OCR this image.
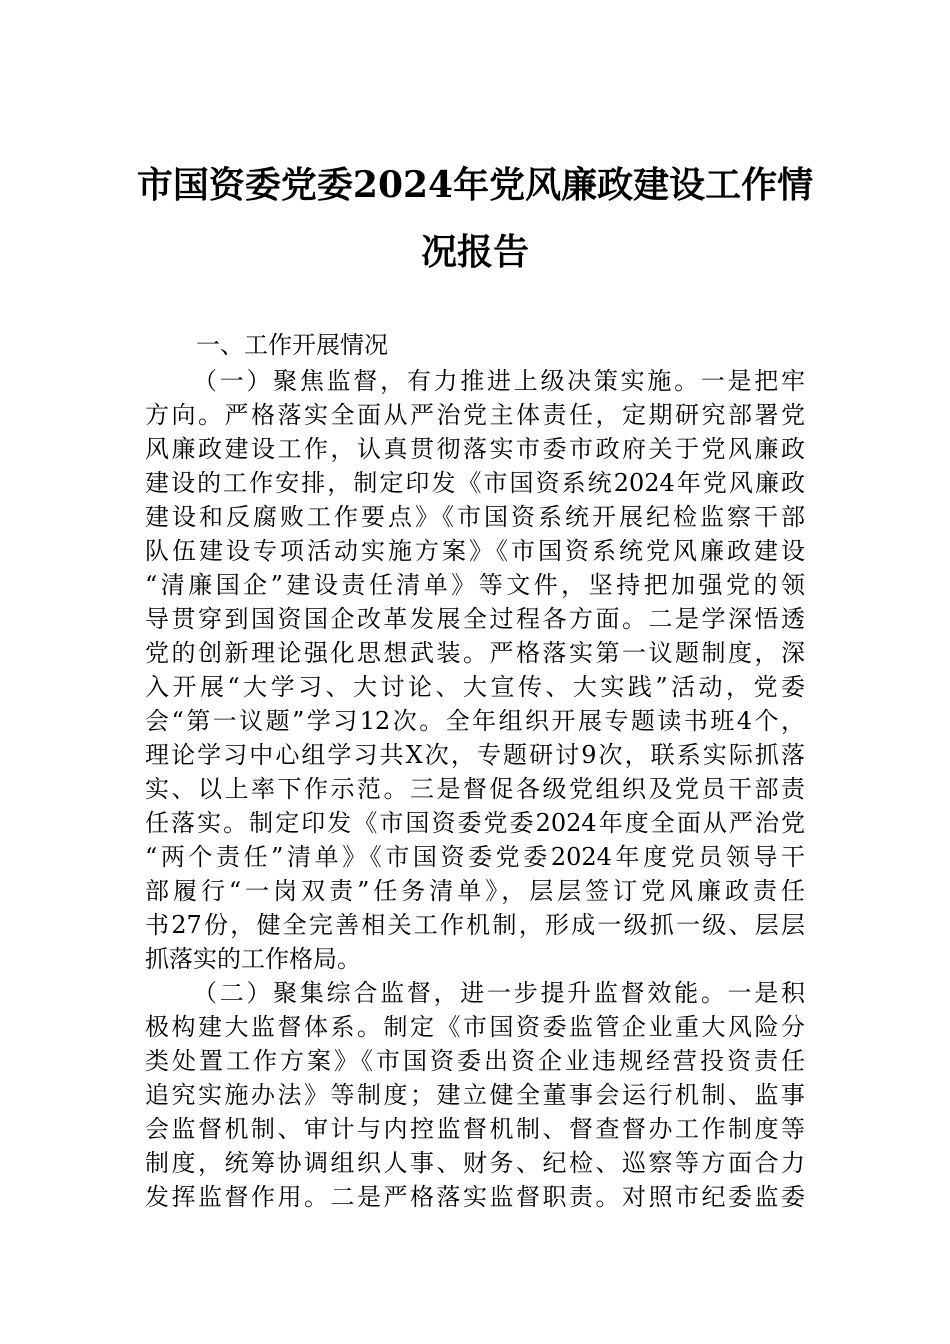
市国资委党委2024年党风廉政建设工作情
况报告
一、工作开展情况
（一）聚焦监督，有力推进上级决策实施。一是把牢
方向。严格落实全面从严治党主体责任，定期研究部署党
风廉政建设工作，认真贯彻落实市委市政府关于党风廉政
建设的工作安排，制定印发《市国资系统2024年党风廉政
建设和反腐败工作要点》《市国资系统开展纪检监察干部
队伍建设专项活动实施方案》《市国资系统党风廉政建设
“清廉国企”建设责任清单》等文件，坚持把加强党的领
导贯穿到国资国企改革发展全过程各方面。二是学深悟透
党的创新理论强化思想武装。严格落实第一议题制度，深
入开展“大学习、大讨论、大宣传、大实践”活动，党委
会“第一议题”学习12次。全年组织开展专题读书班4个，
理论学习中心组学习共X次，专题研讨9次，联系实际抓落
实、以上率下作示范。三是督促各级党组织及党员干部责
任落实。制定印发《市国资委党委2024年度全面从严治党
“两个责任”清单》《市国资委党委2024年度党员领导干
部履行“一岗双责”任务清单》，层层签订党风廉政责任
书27份，健全完善相关工作机制，形成一级抓一级、层层
抓落实的工作格局。
（二）聚集综合监督，进一步提升监督效能。一是积
极构建大监督体系。制定《市国资委监管企业重大风险分
类处置工作方案》《市国资委出资企业违规经营投资责任
追究实施办法》等制度；建立健全董事会运行机制、监事
会监督机制、审计与内控监督机制、督查督办工作制度等
制度，统筹协调组织人事、财务、纪检、巡察等方面合力
发挥监督作用。二是严格落实监督职责。对照市纪委监委
